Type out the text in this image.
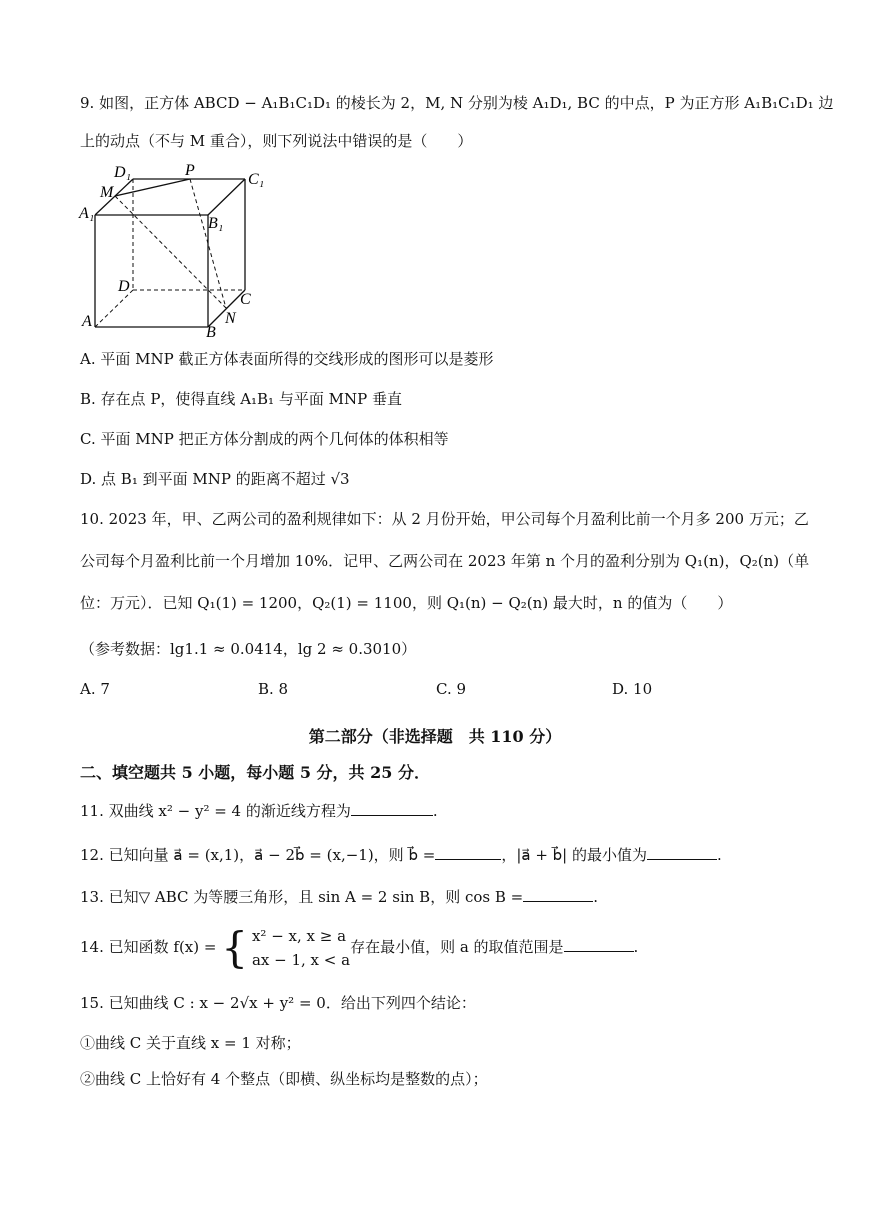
9. 如图，正方体 ABCD − A₁B₁C₁D₁ 的棱长为 2，M, N 分别为棱 A₁D₁, BC 的中点，P 为正方形 A₁B₁C₁D₁ 边
上的动点（不与 M 重合），则下列说法中错误的是（　　）
D₁	P
C₁
M
A₁
B₁
D
C
N
A
B
A. 平面 MNP 截正方体表面所得的交线形成的图形可以是菱形
B. 存在点 P，使得直线 A₁B₁ 与平面 MNP 垂直
C. 平面 MNP 把正方体分割成的两个几何体的体积相等
D. 点 B₁ 到平面 MNP 的距离不超过 √3
10. 2023 年，甲、乙两公司的盈利规律如下：从 2 月份开始，甲公司每个月盈利比前一个月多 200 万元；乙
公司每个月盈利比前一个月增加 10%．记甲、乙两公司在 2023 年第 n 个月的盈利分别为 Q₁(n)，Q₂(n)（单
位：万元）．已知 Q₁(1) = 1200，Q₂(1) = 1100，则 Q₁(n) − Q₂(n) 最大时，n 的值为（　　）
（参考数据：lg1.1 ≈ 0.0414，lg 2 ≈ 0.3010）
A. 7	B. 8	C. 9	D. 10
第二部分（非选择题　共 110 分）
二、填空题共 5 小题，每小题 5 分，共 25 分．
11. 双曲线 x² − y² = 4 的渐近线方程为	.
12. 已知向量 a⃗ = (x,1)，a⃗ − 2b⃗ = (x,−1)，则 b⃗ =	，|a⃗ + b⃗| 的最小值为	.
13. 已知▽ ABC 为等腰三角形，且 sin A = 2 sin B，则 cos B =	.
14. 已知函数 f(x) = { x² − x, x ≥ a
ax − 1, x < a
存在最小值，则 a 的取值范围是	.
15. 已知曲线 C : x − 2√x + y² = 0．给出下列四个结论：
①曲线 C 关于直线 x = 1 对称；
②曲线 C 上恰好有 4 个整点（即横、纵坐标均是整数的点）；
